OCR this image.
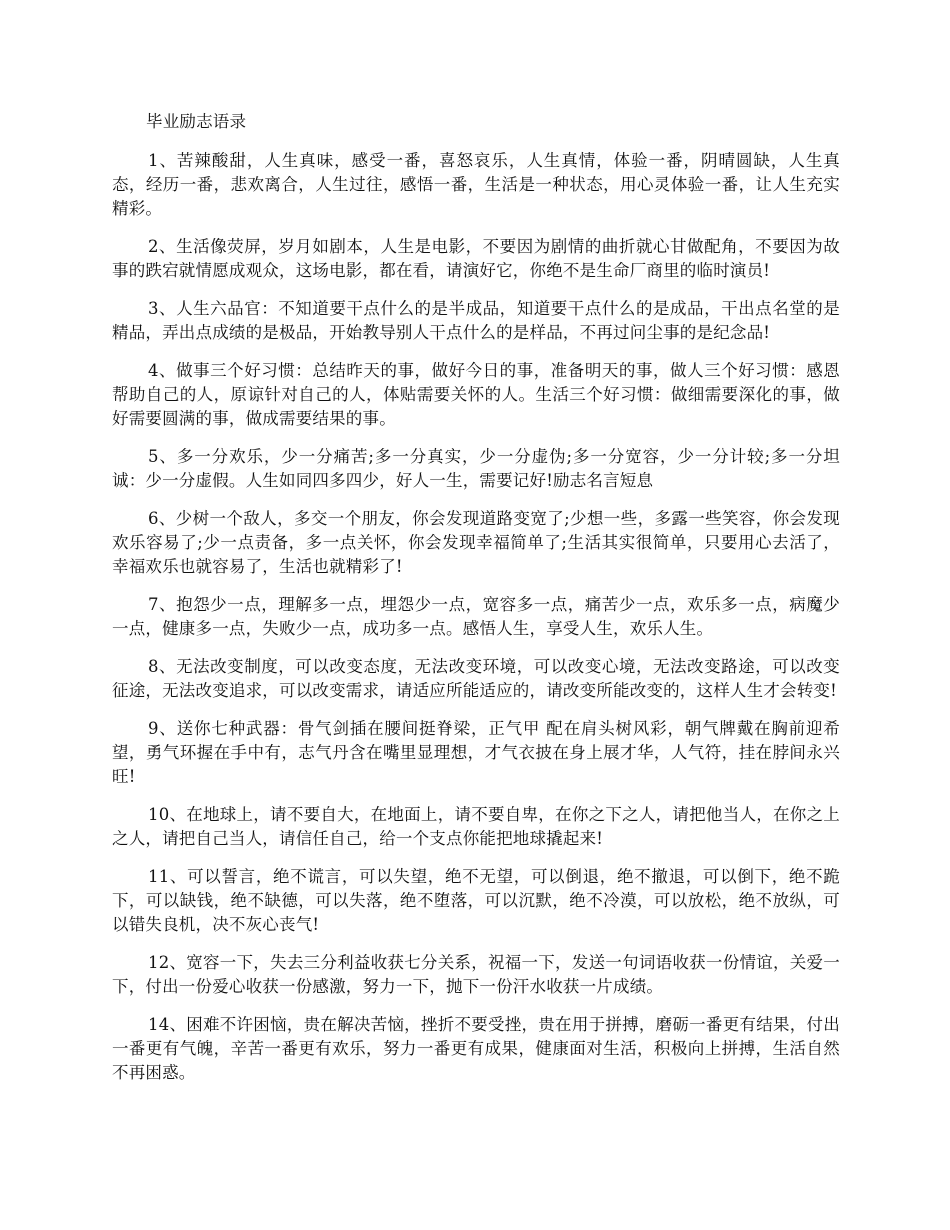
毕业励志语录

1、苦辣酸甜，人生真味，感受一番，喜怒哀乐，人生真情，体验一番，阴晴圆缺，人生真态，经历一番，悲欢离合，人生过往，感悟一番，生活是一种状态，用心灵体验一番，让人生充实精彩。

2、生活像荧屏，岁月如剧本，人生是电影，不要因为剧情的曲折就心甘做配角，不要因为故事的跌宕就情愿成观众，这场电影，都在看，请演好它，你绝不是生命厂商里的临时演员!

3、人生六品官：不知道要干点什么的是半成品，知道要干点什么的是成品，干出点名堂的是精品，弄出点成绩的是极品，开始教导别人干点什么的是样品，不再过问尘事的是纪念品!

4、做事三个好习惯：总结昨天的事，做好今日的事，准备明天的事，做人三个好习惯：感恩帮助自己的人，原谅针对自己的人，体贴需要关怀的人。生活三个好习惯：做细需要深化的事，做好需要圆满的事，做成需要结果的事。

5、多一分欢乐，少一分痛苦;多一分真实，少一分虚伪;多一分宽容，少一分计较;多一分坦诚：少一分虚假。人生如同四多四少，好人一生，需要记好!励志名言短息

6、少树一个敌人，多交一个朋友，你会发现道路变宽了;少想一些，多露一些笑容，你会发现欢乐容易了;少一点责备，多一点关怀，你会发现幸福简单了;生活其实很简单，只要用心去活了，幸福欢乐也就容易了，生活也就精彩了!

7、抱怨少一点，理解多一点，埋怨少一点，宽容多一点，痛苦少一点，欢乐多一点，病魔少一点，健康多一点，失败少一点，成功多一点。感悟人生，享受人生，欢乐人生。

8、无法改变制度，可以改变态度，无法改变环境，可以改变心境，无法改变路途，可以改变征途，无法改变追求，可以改变需求，请适应所能适应的，请改变所能改变的，这样人生才会转变!

9、送你七种武器：骨气剑插在腰间挺脊梁，正气甲 配在肩头树风彩，朝气牌戴在胸前迎希望，勇气环握在手中有，志气丹含在嘴里显理想，才气衣披在身上展才华，人气符，挂在脖间永兴旺!

10、在地球上，请不要自大，在地面上，请不要自卑，在你之下之人，请把他当人，在你之上之人，请把自己当人，请信任自己，给一个支点你能把地球撬起来!

11、可以誓言，绝不谎言，可以失望，绝不无望，可以倒退，绝不撤退，可以倒下，绝不跪下，可以缺钱，绝不缺德，可以失落，绝不堕落，可以沉默，绝不冷漠，可以放松，绝不放纵，可以错失良机，决不灰心丧气!

12、宽容一下，失去三分利益收获七分关系，祝福一下，发送一句词语收获一份情谊，关爱一下，付出一份爱心收获一份感激，努力一下，抛下一份汗水收获一片成绩。

14、困难不许困恼，贵在解决苦恼，挫折不要受挫，贵在用于拼搏，磨砺一番更有结果，付出一番更有气魄，辛苦一番更有欢乐，努力一番更有成果，健康面对生活，积极向上拼搏，生活自然不再困惑。
